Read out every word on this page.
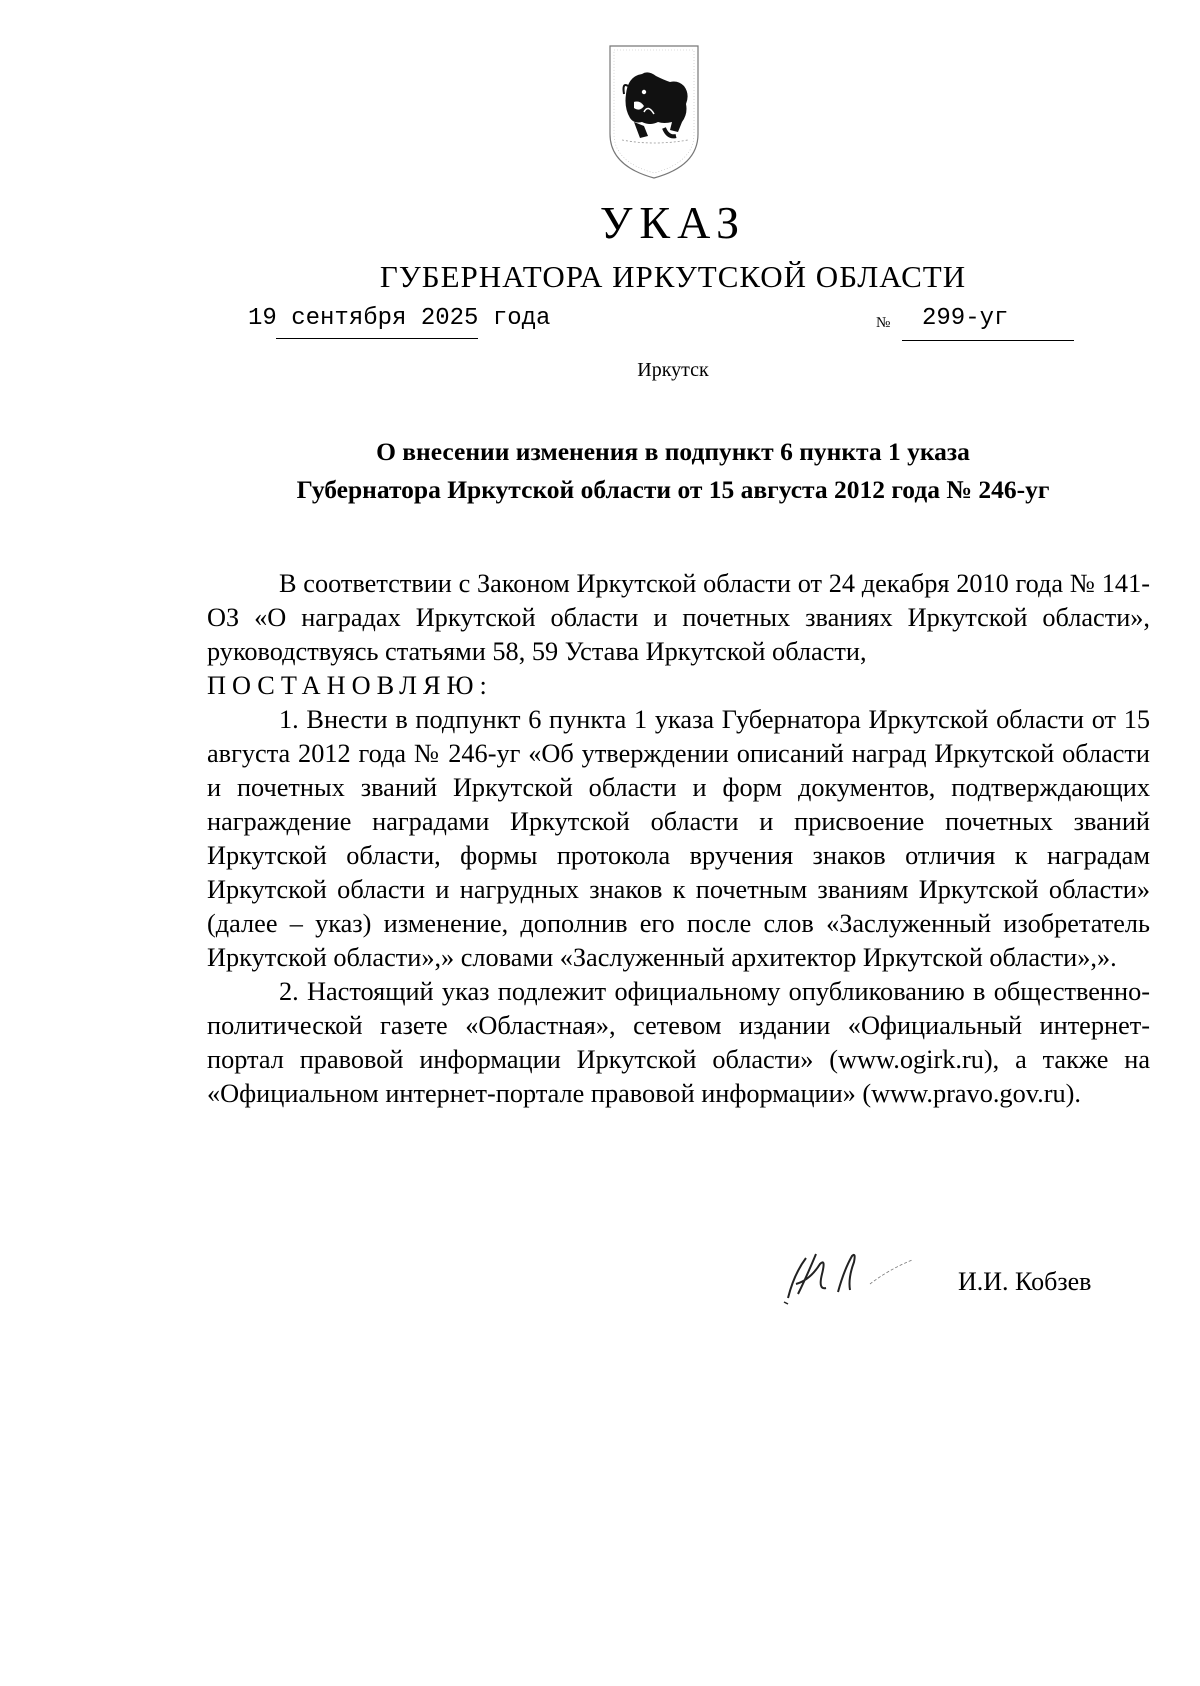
УКАЗ
ГУБЕРНАТОРА ИРКУТСКОЙ ОБЛАСТИ
19 сентября 2025 года	№ 299-уг
Иркутск
О внесении изменения в подпункт 6 пункта 1 указа
Губернатора Иркутской области от 15 августа 2012 года № 246-уг

В соответствии с Законом Иркутской области от 24 декабря 2010 года № 141-ОЗ «О наградах Иркутской области и почетных званиях Иркутской области», руководствуясь статьями 58, 59 Устава Иркутской области,

ПОСТАНОВЛЯЮ:

1. Внести в подпункт 6 пункта 1 указа Губернатора Иркутской области от 15 августа 2012 года № 246-уг «Об утверждении описаний наград Иркутской области и почетных званий Иркутской области и форм документов, подтверждающих награждение наградами Иркутской области и присвоение почетных званий Иркутской области, формы протокола вручения знаков отличия к наградам Иркутской области и нагрудных знаков к почетным званиям Иркутской области» (далее – указ) изменение, дополнив его после слов «Заслуженный изобретатель Иркутской области»,» словами «Заслуженный архитектор Иркутской области»,».

2. Настоящий указ подлежит официальному опубликованию в общественно-политической газете «Областная», сетевом издании «Официальный интернет-портал правовой информации Иркутской области» (www.ogirk.ru), а также на «Официальном интернет-портале правовой информации» (www.pravo.gov.ru).

И.И. Кобзев
